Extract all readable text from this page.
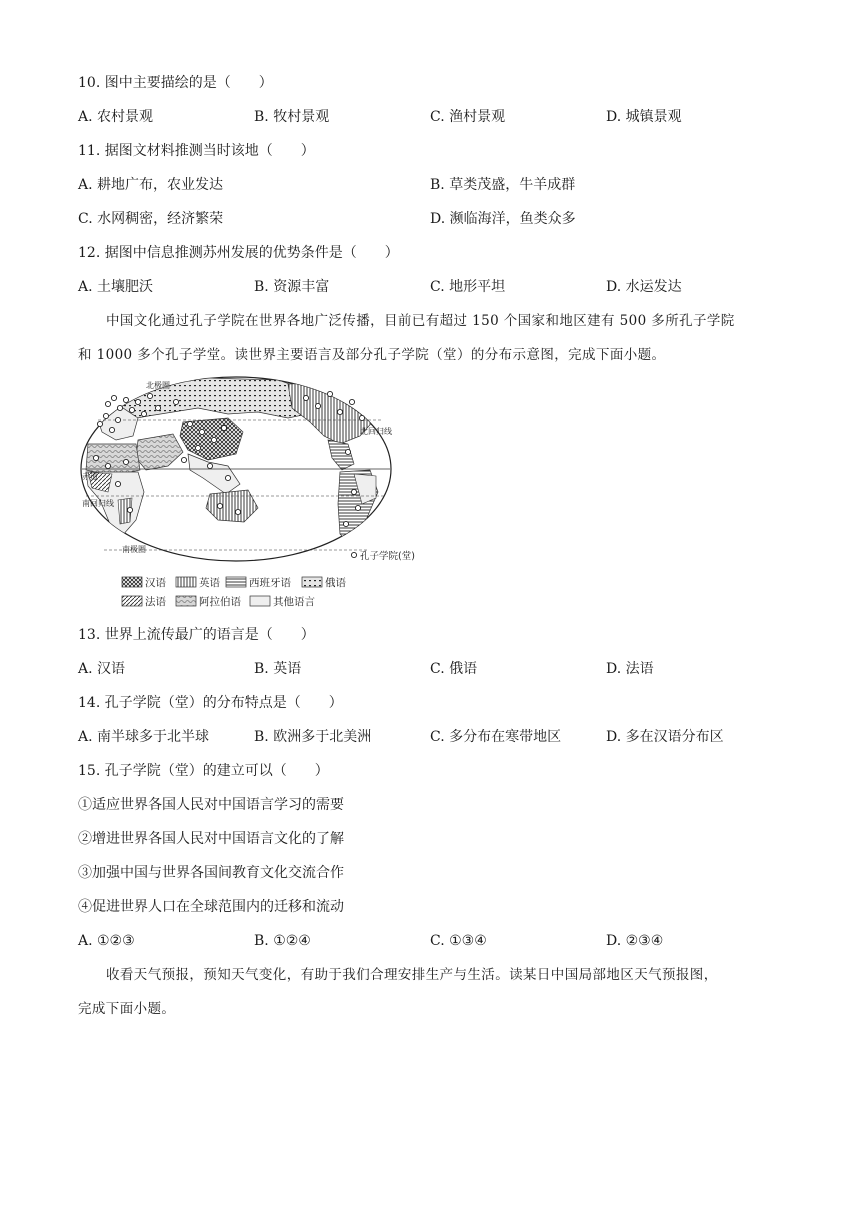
10. 图中主要描绘的是（　　）
A. 农村景观	B. 牧村景观	C. 渔村景观	D. 城镇景观
11. 据图文材料推测当时该地（　　）
A. 耕地广布，农业发达	B. 草类茂盛，牛羊成群
C. 水网稠密，经济繁荣	D. 濒临海洋，鱼类众多
12. 据图中信息推测苏州发展的优势条件是（　　）
A. 土壤肥沃	B. 资源丰富	C. 地形平坦	D. 水运发达
中国文化通过孔子学院在世界各地广泛传播，目前已有超过 150 个国家和地区建有 500 多所孔子学院
和 1000 多个孔子学堂。读世界主要语言及部分孔子学院（堂）的分布示意图，完成下面小题。
北极圈
北回归线
赤道
南回归线
南极圈
孔子学院(堂)
汉语	英语	西班牙语	俄语
法语	阿拉伯语	其他语言
13. 世界上流传最广的语言是（　　）
A. 汉语	B. 英语	C. 俄语	D. 法语
14. 孔子学院（堂）的分布特点是（　　）
A. 南半球多于北半球	B. 欧洲多于北美洲	C. 多分布在寒带地区	D. 多在汉语分布区
15. 孔子学院（堂）的建立可以（　　）
①适应世界各国人民对中国语言学习的需要
②增进世界各国人民对中国语言文化的了解
③加强中国与世界各国间教育文化交流合作
④促进世界人口在全球范围内的迁移和流动
A. ①②③	B. ①②④	C. ①③④	D. ②③④
收看天气预报，预知天气变化，有助于我们合理安排生产与生活。读某日中国局部地区天气预报图，
完成下面小题。
